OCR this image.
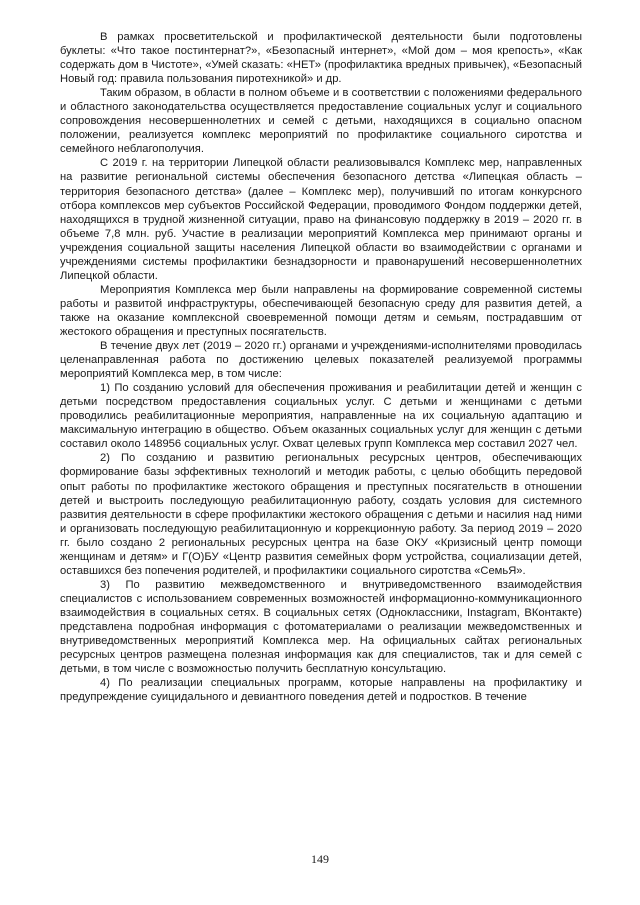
В рамках просветительской и профилактической деятельности были подготовлены буклеты: «Что такое постинтернат?», «Безопасный интернет», «Мой дом – моя крепость», «Как содержать дом в Чистоте», «Умей сказать: «НЕТ» (профилактика вредных привычек), «Безопасный Новый год: правила пользования пиротехникой» и др.

Таким образом, в области в полном объеме и в соответствии с положениями федерального и областного законодательства осуществляется предоставление социальных услуг и социального сопровождения несовершеннолетних и семей с детьми, находящихся в социально опасном положении, реализуется комплекс мероприятий по профилактике социального сиротства и семейного неблагополучия.

С 2019 г. на территории Липецкой области реализовывался Комплекс мер, направленных на развитие региональной системы обеспечения безопасного детства «Липецкая область – территория безопасного детства» (далее – Комплекс мер), получивший по итогам конкурсного отбора комплексов мер субъектов Российской Федерации, проводимого Фондом поддержки детей, находящихся в трудной жизненной ситуации, право на финансовую поддержку в 2019 – 2020 гг. в объеме 7,8 млн. руб. Участие в реализации мероприятий Комплекса мер принимают органы и учреждения социальной защиты населения Липецкой области во взаимодействии с органами и учреждениями системы профилактики безнадзорности и правонарушений несовершеннолетних Липецкой области.

Мероприятия Комплекса мер были направлены на формирование современной системы работы и развитой инфраструктуры, обеспечивающей безопасную среду для развития детей, а также на оказание комплексной своевременной помощи детям и семьям, пострадавшим от жестокого обращения и преступных посягательств.

В течение двух лет (2019 – 2020 гг.) органами и учреждениями-исполнителями проводилась целенаправленная работа по достижению целевых показателей реализуемой программы мероприятий Комплекса мер, в том числе:

1) По созданию условий для обеспечения проживания и реабилитации детей и женщин с детьми посредством предоставления социальных услуг. С детьми и женщинами с детьми проводились реабилитационные мероприятия, направленные на их социальную адаптацию и максимальную интеграцию в общество. Объем оказанных социальных услуг для женщин с детьми составил около 148956 социальных услуг. Охват целевых групп Комплекса мер составил 2027 чел.

2) По созданию и развитию региональных ресурсных центров, обеспечивающих формирование базы эффективных технологий и методик работы, с целью обобщить передовой опыт работы по профилактике жестокого обращения и преступных посягательств в отношении детей и выстроить последующую реабилитационную работу, создать условия для системного развития деятельности в сфере профилактики жестокого обращения с детьми и насилия над ними и организовать последующую реабилитационную и коррекционную работу. За период 2019 – 2020 гг. было создано 2 региональных ресурсных центра на базе ОКУ «Кризисный центр помощи женщинам и детям» и Г(О)БУ «Центр развития семейных форм устройства, социализации детей, оставшихся без попечения родителей, и профилактики социального сиротства «СемьЯ».

3) По развитию межведомственного и внутриведомственного взаимодействия специалистов с использованием современных возможностей информационно-коммуникационного взаимодействия в социальных сетях. В социальных сетях (Одноклассники, Instagram, ВКонтакте) представлена подробная информация с фотоматериалами о реализации межведомственных и внутриведомственных мероприятий Комплекса мер. На официальных сайтах региональных ресурсных центров размещена полезная информация как для специалистов, так и для семей с детьми, в том числе с возможностью получить бесплатную консультацию.

4) По реализации специальных программ, которые направлены на профилактику и предупреждение суицидального и девиантного поведения детей и подростков. В течение

149
